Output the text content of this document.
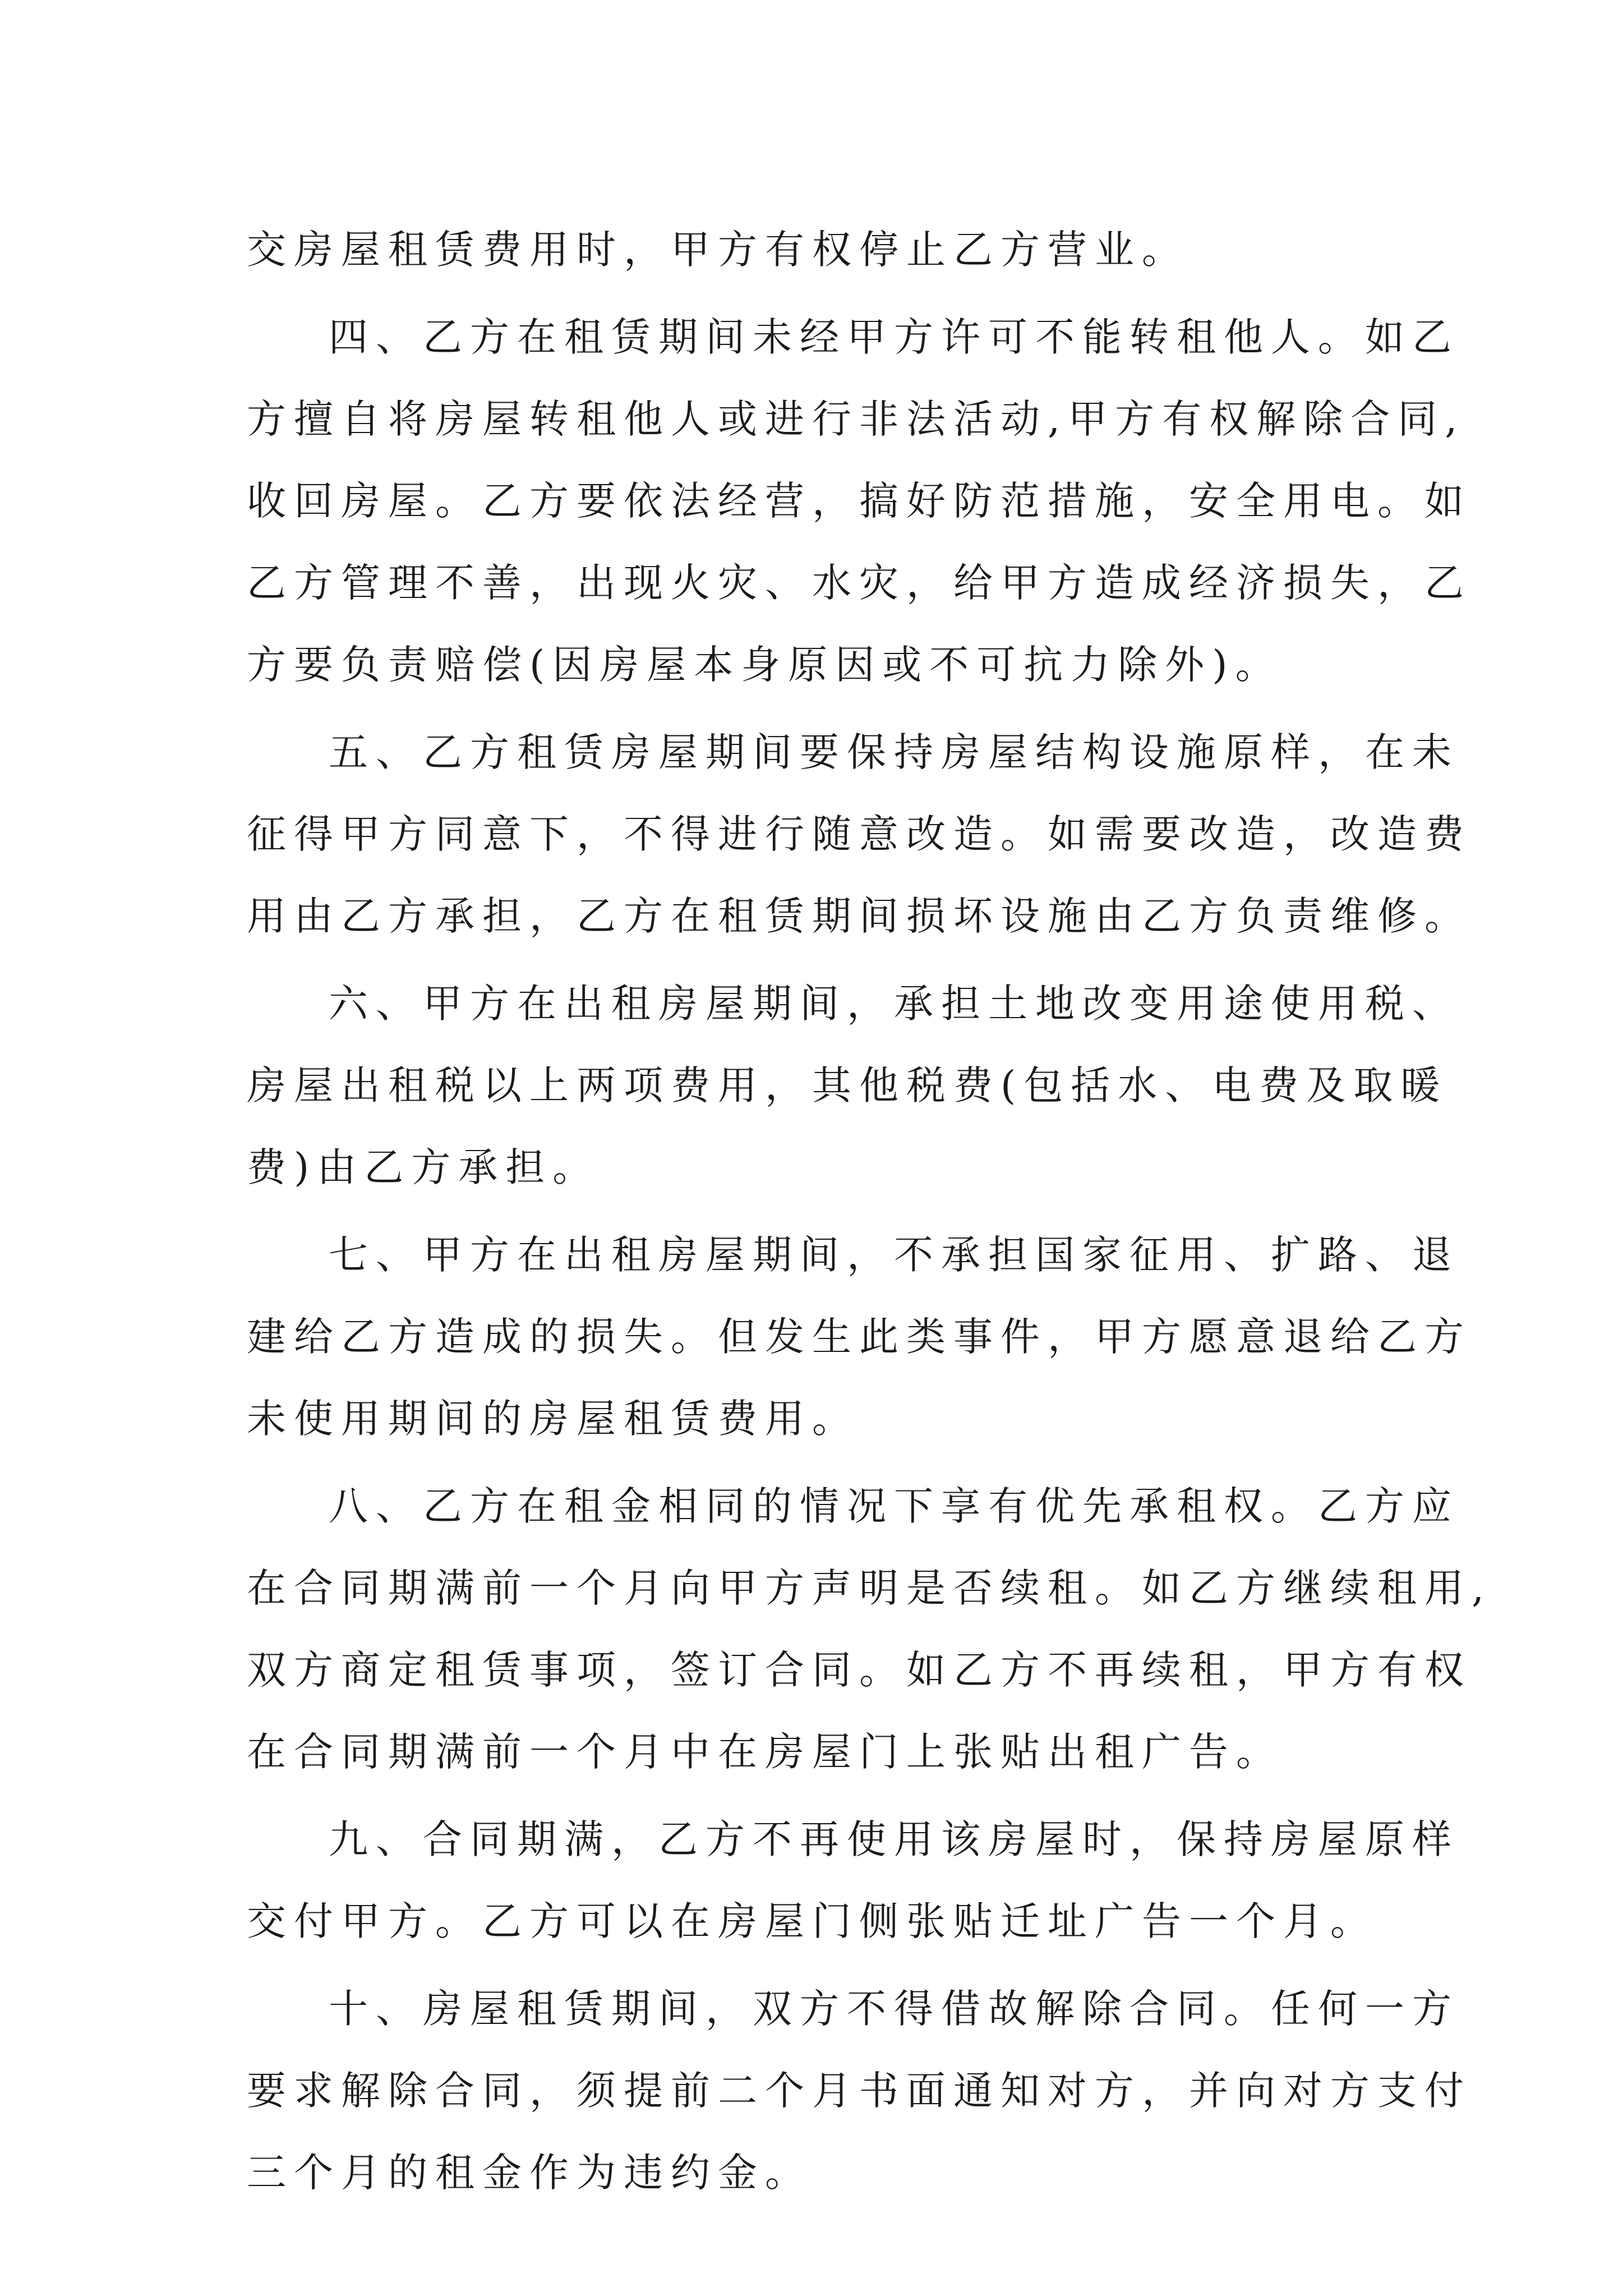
交房屋租赁费用时，甲方有权停止乙方营业。
四、乙方在租赁期间未经甲方许可不能转租他人。如乙
方擅自将房屋转租他人或进行非法活动,甲方有权解除合同,
收回房屋。乙方要依法经营，搞好防范措施，安全用电。如
乙方管理不善，出现火灾、水灾，给甲方造成经济损失，乙
方要负责赔偿(因房屋本身原因或不可抗力除外)。
五、乙方租赁房屋期间要保持房屋结构设施原样，在未
征得甲方同意下，不得进行随意改造。如需要改造，改造费
用由乙方承担，乙方在租赁期间损坏设施由乙方负责维修。
六、甲方在出租房屋期间，承担土地改变用途使用税、
房屋出租税以上两项费用，其他税费(包括水、电费及取暖
费)由乙方承担。
七、甲方在出租房屋期间，不承担国家征用、扩路、退
建给乙方造成的损失。但发生此类事件，甲方愿意退给乙方
未使用期间的房屋租赁费用。
八、乙方在租金相同的情况下享有优先承租权。乙方应
在合同期满前一个月向甲方声明是否续租。如乙方继续租用,
双方商定租赁事项，签订合同。如乙方不再续租，甲方有权
在合同期满前一个月中在房屋门上张贴出租广告。
九、合同期满，乙方不再使用该房屋时，保持房屋原样
交付甲方。乙方可以在房屋门侧张贴迁址广告一个月。
十、房屋租赁期间，双方不得借故解除合同。任何一方
要求解除合同，须提前二个月书面通知对方，并向对方支付
三个月的租金作为违约金。
